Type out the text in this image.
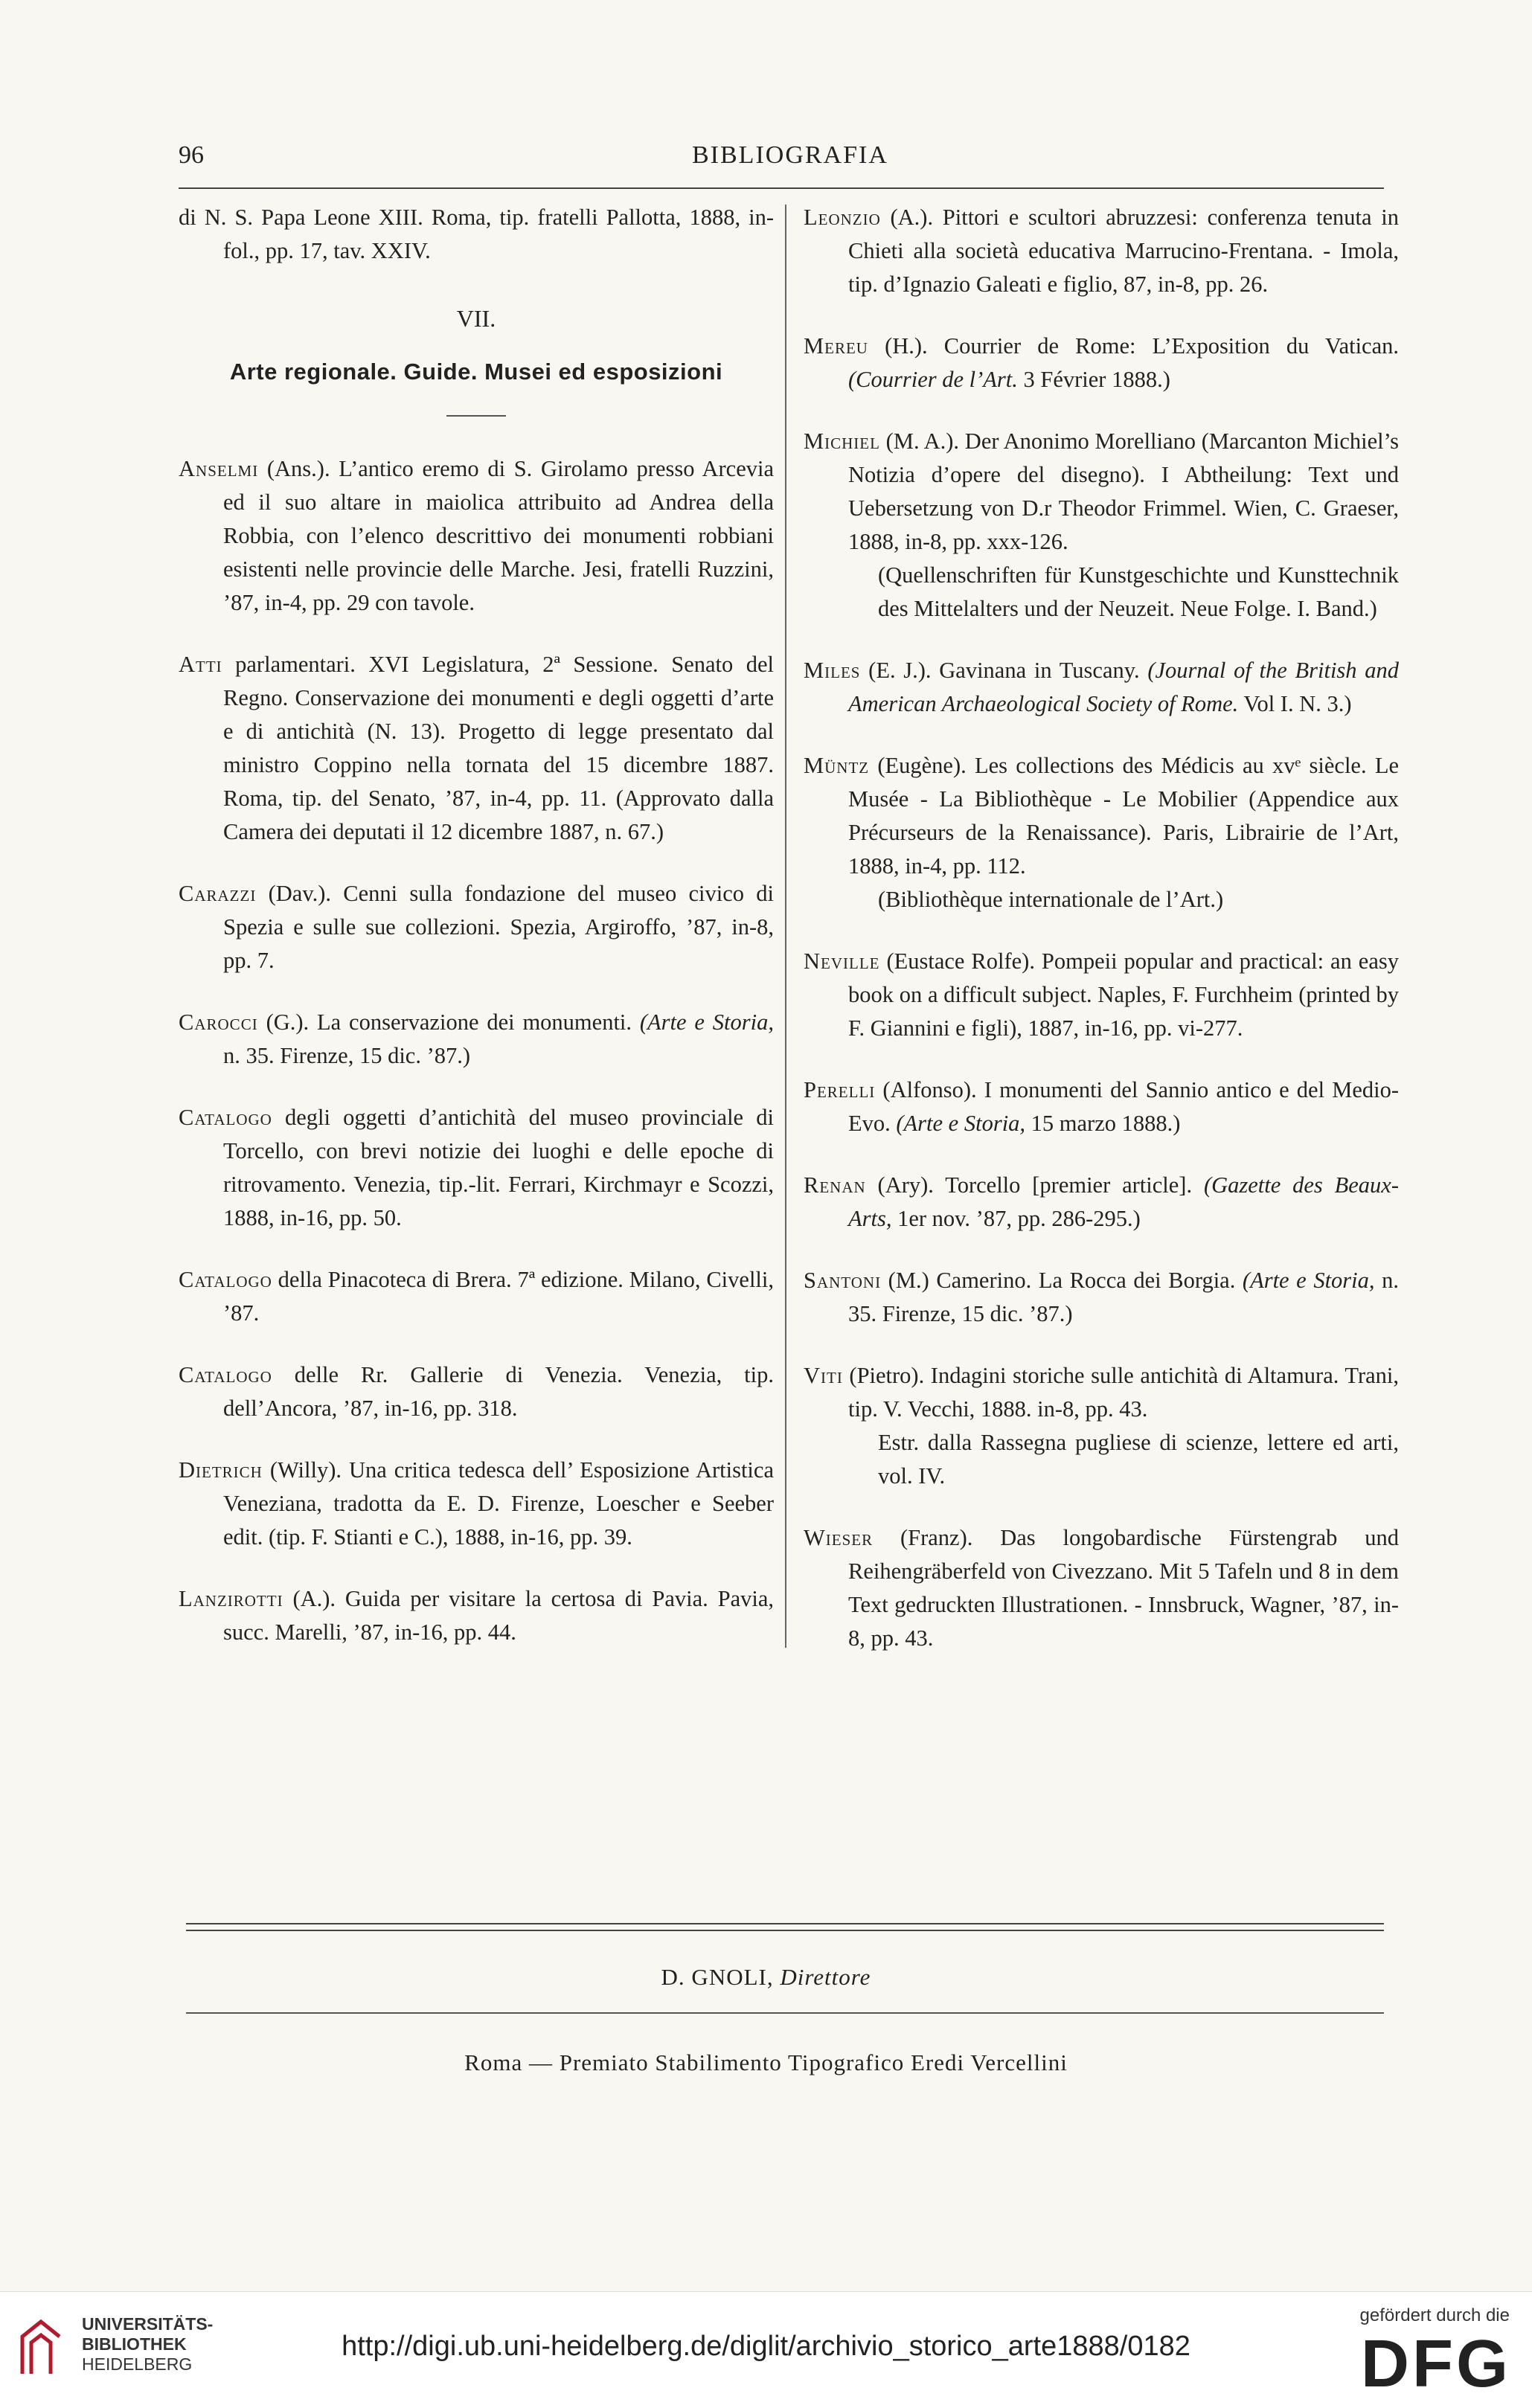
96	BIBLIOGRAFIA
di N. S. Papa Leone XIII. Roma, tip. fratelli Pallotta, 1888, in-fol., pp. 17, tav. XXIV.
VII.
Arte regionale. Guide. Musei ed esposizioni
Anselmi (Ans.). L’antico eremo di S. Girolamo presso Arcevia ed il suo altare in maiolica attribuito ad Andrea della Robbia, con l’elenco descrittivo dei monumenti robbiani esistenti nelle provincie delle Marche. Jesi, fratelli Ruzzini, ’87, in-4, pp. 29 con tavole.
Atti parlamentari. XVI Legislatura, 2ª Sessione. Senato del Regno. Conservazione dei monumenti e degli oggetti d’arte e di antichità (N. 13). Progetto di legge presentato dal ministro Coppino nella tornata del 15 dicembre 1887. Roma, tip. del Senato, ’87, in-4, pp. 11. (Approvato dalla Camera dei deputati il 12 dicembre 1887, n. 67.)
Carazzi (Dav.). Cenni sulla fondazione del museo civico di Spezia e sulle sue collezioni. Spezia, Argiroffo, ’87, in-8, pp. 7.
Carocci (G.). La conservazione dei monumenti. (Arte e Storia, n. 35. Firenze, 15 dic. ’87.)
Catalogo degli oggetti d’antichità del museo provinciale di Torcello, con brevi notizie dei luoghi e delle epoche di ritrovamento. Venezia, tip.-lit. Ferrari, Kirchmayr e Scozzi, 1888, in-16, pp. 50.
Catalogo della Pinacoteca di Brera. 7ª edizione. Milano, Civelli, ’87.
Catalogo delle Rr. Gallerie di Venezia. Venezia, tip. dell’Ancora, ’87, in-16, pp. 318.
Dietrich (Willy). Una critica tedesca dell’ Esposizione Artistica Veneziana, tradotta da E. D. Firenze, Loescher e Seeber edit. (tip. F. Stianti e C.), 1888, in-16, pp. 39.
Lanzirotti (A.). Guida per visitare la certosa di Pavia. Pavia, succ. Marelli, ’87, in-16, pp. 44.
Leonzio (A.). Pittori e scultori abruzzesi: conferenza tenuta in Chieti alla società educativa Marrucino-Frentana. - Imola, tip. d’Ignazio Galeati e figlio, 87, in-8, pp. 26.
Mereu (H.). Courrier de Rome: L’Exposition du Vatican. (Courrier de l’Art. 3 Février 1888.)
Michiel (M. A.). Der Anonimo Morelliano (Marcanton Michiel’s Notizia d’opere del disegno). I Abtheilung: Text und Uebersetzung von D.r Theodor Frimmel. Wien, C. Graeser, 1888, in-8, pp. xxx-126.
(Quellenschriften für Kunstgeschichte und Kunsttechnik des Mittelalters und der Neuzeit. Neue Folge. I. Band.)
Miles (E. J.). Gavinana in Tuscany. (Journal of the British and American Archaeological Society of Rome. Vol I. N. 3.)
Müntz (Eugène). Les collections des Médicis au xvᵉ siècle. Le Musée - La Bibliothèque - Le Mobilier (Appendice aux Précurseurs de la Renaissance). Paris, Librairie de l’Art, 1888, in-4, pp. 112.
(Bibliothèque internationale de l’Art.)
Neville (Eustace Rolfe). Pompeii popular and practical: an easy book on a difficult subject. Naples, F. Furchheim (printed by F. Giannini e figli), 1887, in-16, pp. vi-277.
Perelli (Alfonso). I monumenti del Sannio antico e del Medio-Evo. (Arte e Storia, 15 marzo 1888.)
Renan (Ary). Torcello [premier article]. (Gazette des Beaux-Arts, 1er nov. ’87, pp. 286-295.)
Santoni (M.) Camerino. La Rocca dei Borgia. (Arte e Storia, n. 35. Firenze, 15 dic. ’87.)
Viti (Pietro). Indagini storiche sulle antichità di Altamura. Trani, tip. V. Vecchi, 1888. in-8, pp. 43.
Estr. dalla Rassegna pugliese di scienze, lettere ed arti, vol. IV.
Wieser (Franz). Das longobardische Fürstengrab und Reihengräberfeld von Civezzano. Mit 5 Tafeln und 8 in dem Text gedruckten Illustrationen. - Innsbruck, Wagner, ’87, in-8, pp. 43.
D. GNOLI, Direttore
Roma — Premiato Stabilimento Tipografico Eredi Vercellini
UNIVERSITÄTS-
BIBLIOTHEK
HEIDELBERG
http://digi.ub.uni-heidelberg.de/diglit/archivio_storico_arte1888/0182
gefördert durch die
DFG
